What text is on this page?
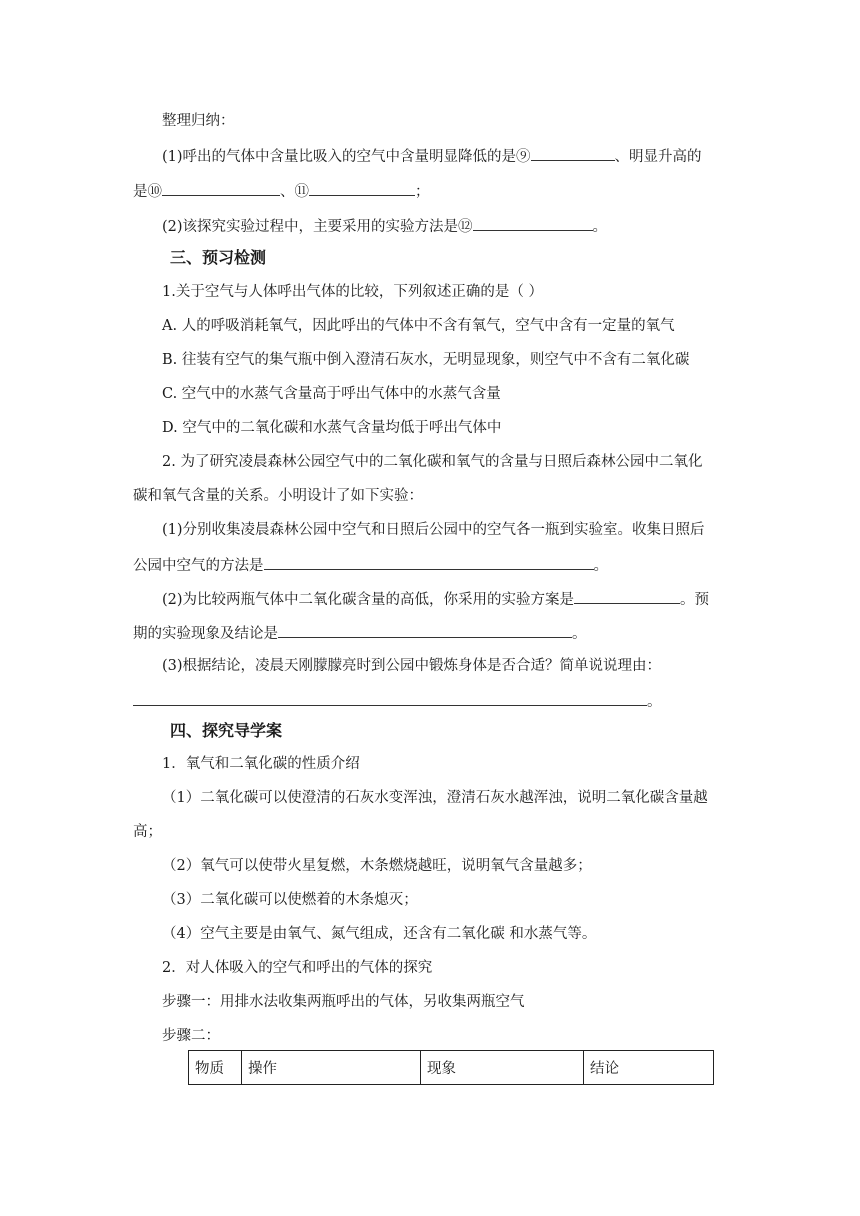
整理归纳：
(1)呼出的气体中含量比吸入的空气中含量明显降低的是⑨	、明显升高的
是⑩	、⑪	；
(2)该探究实验过程中，主要采用的实验方法是⑫	。
三、预习检测
1.关于空气与人体呼出气体的比较，下列叙述正确的是（ ）
A. 人的呼吸消耗氧气，因此呼出的气体中不含有氧气，空气中含有一定量的氧气
B. 往装有空气的集气瓶中倒入澄清石灰水，无明显现象，则空气中不含有二氧化碳
C. 空气中的水蒸气含量高于呼出气体中的水蒸气含量
D. 空气中的二氧化碳和水蒸气含量均低于呼出气体中
2. 为了研究凌晨森林公园空气中的二氧化碳和氧气的含量与日照后森林公园中二氧化
碳和氧气含量的关系。小明设计了如下实验：
(1)分别收集凌晨森林公园中空气和日照后公园中的空气各一瓶到实验室。收集日照后
公园中空气的方法是	。
(2)为比较两瓶气体中二氧化碳含量的高低，你采用的实验方案是	。预
期的实验现象及结论是	。
(3)根据结论，凌晨天刚朦朦亮时到公园中锻炼身体是否合适？简单说说理由：
。
四、探究导学案
1．氧气和二氧化碳的性质介绍
（1）二氧化碳可以使澄清的石灰水变浑浊，澄清石灰水越浑浊，说明二氧化碳含量越
高；
（2）氧气可以使带火星复燃，木条燃烧越旺，说明氧气含量越多；
（3）二氧化碳可以使燃着的木条熄灭；
（4）空气主要是由氧气、氮气组成，还含有二氧化碳 和水蒸气等。
2．对人体吸入的空气和呼出的气体的探究
步骤一：用排水法收集两瓶呼出的气体，另收集两瓶空气
步骤二：
物质	操作	现象	结论
